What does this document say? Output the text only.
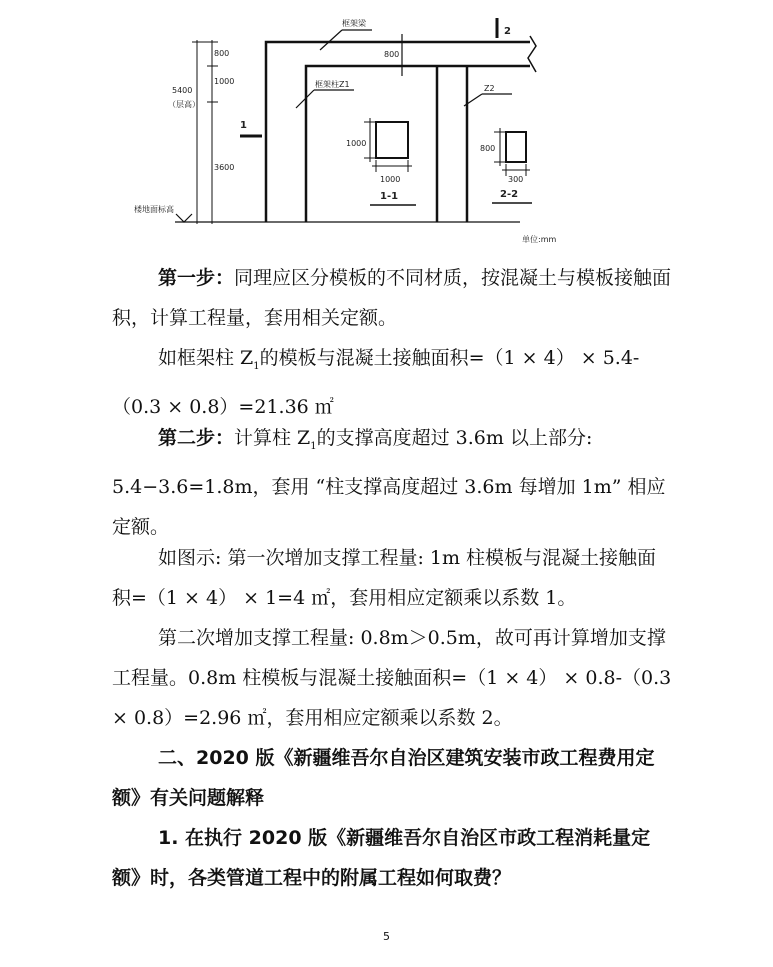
楼地面标高
800
1000
5400
（层高）
3600
框架梁
800
框架柱Z1	Z2
1
2
1000
1000
1-1
800
300
2-2
单位:mm

第一步：同理应区分模板的不同材质，按混凝土与模板接触面积，计算工程量，套用相关定额。

如框架柱 $Z_1$的模板与混凝土接触面积=（1 × 4） × 5.4-（0.3 × 0.8）=21.36 ㎡

第二步：计算柱 $Z_1$的支撑高度超过 3.6m 以上部分: 5.4−3.6=1.8m，套用 “柱支撑高度超过 3.6m 每增加 1m” 相应定额。

如图示: 第一次增加支撑工程量: 1m 柱模板与混凝土接触面积=（1 × 4） × 1=4 ㎡，套用相应定额乘以系数 1。

第二次增加支撑工程量: 0.8m＞0.5m，故可再计算增加支撑工程量。0.8m 柱模板与混凝土接触面积=（1 × 4） × 0.8-（0.3 × 0.8）=2.96 ㎡，套用相应定额乘以系数 2。

二、2020 版《新疆维吾尔自治区建筑安装市政工程费用定额》有关问题解释

1. 在执行 2020 版《新疆维吾尔自治区市政工程消耗量定额》时，各类管道工程中的附属工程如何取费？

5
